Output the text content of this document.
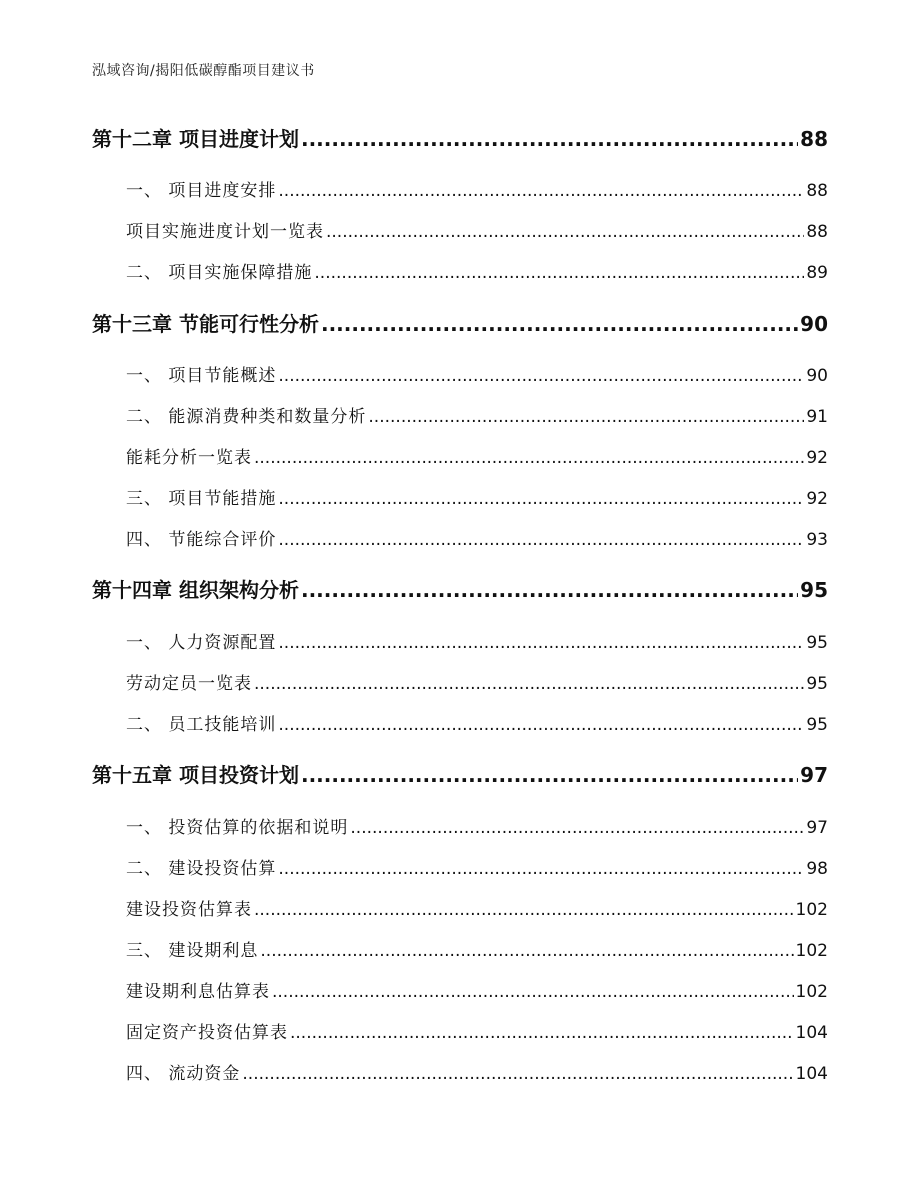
泓域咨询/揭阳低碳醇酯项目建议书
第十二章 项目进度计划 .....	88
一、 项目进度安排 .....	88
项目实施进度计划一览表 .....	88
二、 项目实施保障措施 .....	89
第十三章 节能可行性分析 .....	90
一、 项目节能概述 .....	90
二、 能源消费种类和数量分析 .....	91
能耗分析一览表 .....	92
三、 项目节能措施 .....	92
四、 节能综合评价 .....	93
第十四章 组织架构分析 .....	95
一、 人力资源配置 .....	95
劳动定员一览表 .....	95
二、 员工技能培训 .....	95
第十五章 项目投资计划 .....	97
一、 投资估算的依据和说明 .....	97
二、 建设投资估算 .....	98
建设投资估算表 .....	102
三、 建设期利息 .....	102
建设期利息估算表 .....	102
固定资产投资估算表 .....	104
四、 流动资金 .....	104
